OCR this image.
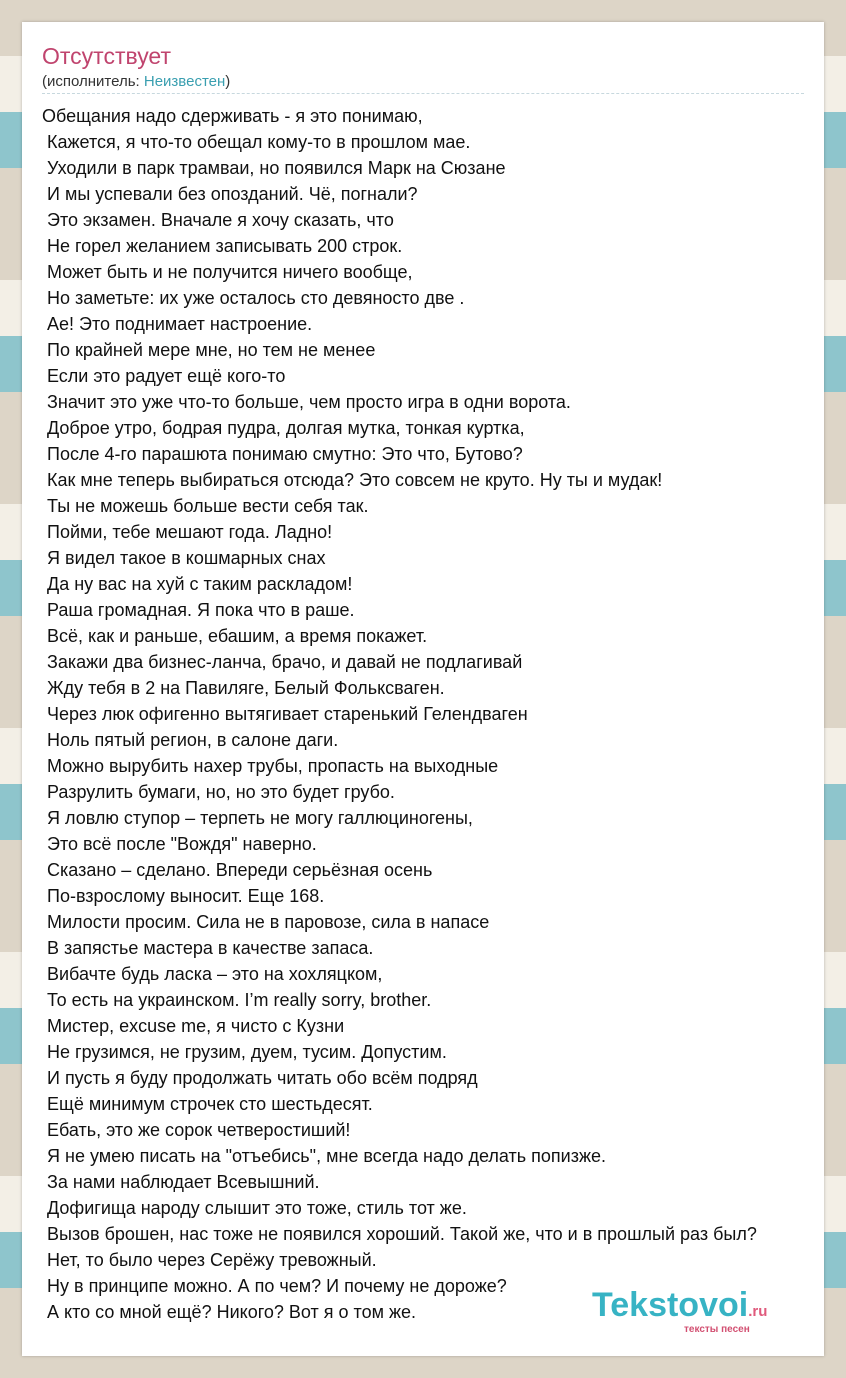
Отсутствует
(исполнитель: Неизвестен)
Обещания надо сдерживать - я это понимаю,
Кажется, я что-то обещал кому-то в прошлом мае.
Уходили в парк трамваи, но появился Марк на Сюзане
И мы успевали без опозданий. Чё, погнали?
Это экзамен. Вначале я хочу сказать, что
Не горел желанием записывать 200 строк.
Может быть и не получится ничего вообще,
Но заметьте: их уже осталось сто девяносто две .
Ае! Это поднимает настроение.
По крайней мере мне, но тем не менее
Если это радует ещё кого-то
Значит это уже что-то больше, чем просто игра в одни ворота.
Доброе утро, бодрая пудра, долгая мутка, тонкая куртка,
После 4-го парашюта понимаю смутно: Это что, Бутово?
Как мне теперь выбираться отсюда? Это совсем не круто. Ну ты и мудак!
Ты не можешь больше вести себя так.
Пойми, тебе мешают года. Ладно!
Я видел такое в кошмарных снах
Да ну вас на хуй с таким раскладом!
Раша громадная. Я пока что в раше.
Всё, как и раньше, ебашим, а время покажет.
Закажи два бизнес-ланча, брачо, и давай не подлагивай
Жду тебя в 2 на Павиляге, Белый Фольксваген.
Через люк офигенно вытягивает старенький Гелендваген
Ноль пятый регион, в салоне даги.
Можно вырубить нахер трубы, пропасть на выходные
Разрулить бумаги, но, но это будет грубо.
Я ловлю ступор – терпеть не могу галлюциногены,
Это всё после "Вождя" наверно.
Сказано – сделано. Впереди серьёзная осень
По-взрослому выносит. Еще 168.
Милости просим. Сила не в паровозе, сила в напасе
В запястье мастера в качестве запаса.
Вибачте будь ласка – это на хохляцком,
То есть на украинском. I’m really sorry, brother.
Мистер, excuse me, я чисто с Кузни
Не грузимся, не грузим, дуем, тусим. Допустим.
И пусть я буду продолжать читать обо всём подряд
Ещё минимум строчек сто шестьдесят.
Ебать, это же сорок четверостиший!
Я не умею писать на "отъебись", мне всегда надо делать попизже.
За нами наблюдает Всевышний.
Дофигища народу слышит это тоже, стиль тот же.
Вызов брошен, нас тоже не появился хороший. Такой же, что и в прошлый раз был?
Нет, то было через Серёжу тревожный.
Ну в принципе можно. А по чем? И почему не дороже?
А кто со мной ещё? Никого? Вот я о том же.	Tekstovoi.ru
тексты песен
